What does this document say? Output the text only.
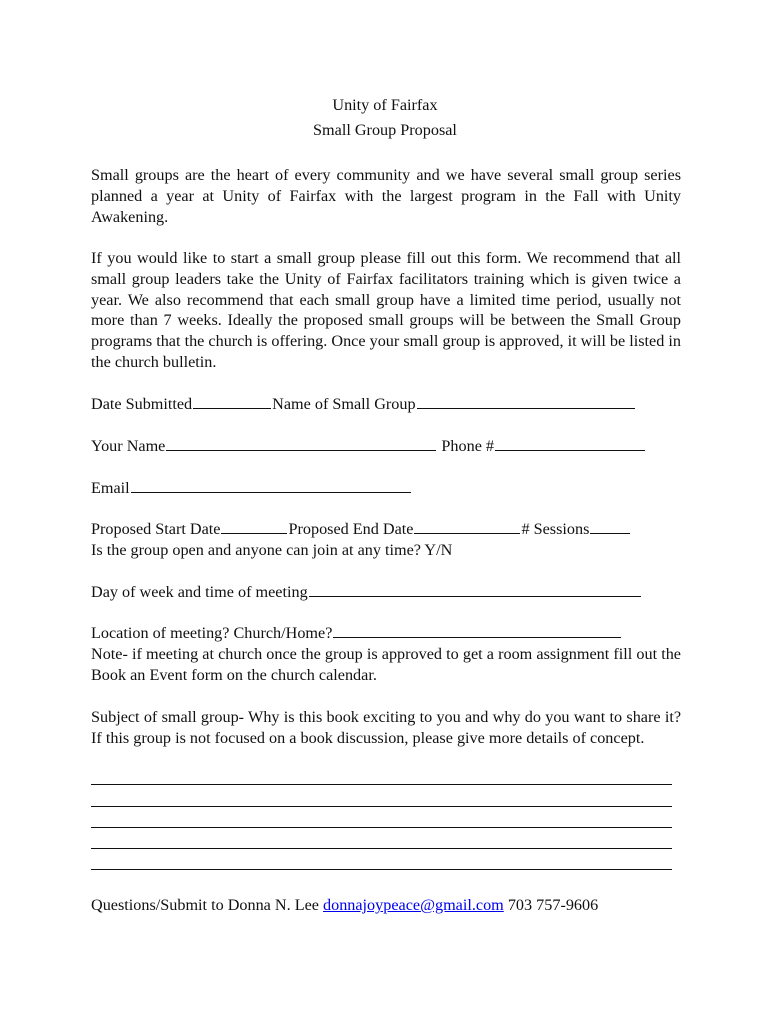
Unity of Fairfax
Small Group Proposal
Small groups are the heart of every community and we have several small group series planned a year at Unity of Fairfax with the largest program in the Fall with Unity Awakening.
If you would like to start a small group please fill out this form. We recommend that all small group leaders take the Unity of Fairfax facilitators training which is given twice a year. We also recommend that each small group have a limited time period, usually not more than 7 weeks. Ideally the proposed small groups will be between the Small Group programs that the church is offering. Once your small group is approved, it will be listed in the church bulletin.
Date Submitted	Name of Small Group
Your Name	Phone #
Email
Proposed Start Date	Proposed End Date	# Sessions
Is the group open and anyone can join at any time? Y/N
Day of week and time of meeting
Location of meeting? Church/Home?
Note- if meeting at church once the group is approved to get a room assignment fill out the Book an Event form on the church calendar.
Subject of small group- Why is this book exciting to you and why do you want to share it? If this group is not focused on a book discussion, please give more details of concept.
Questions/Submit to Donna N. Lee donnajoypeace@gmail.com 703 757-9606
